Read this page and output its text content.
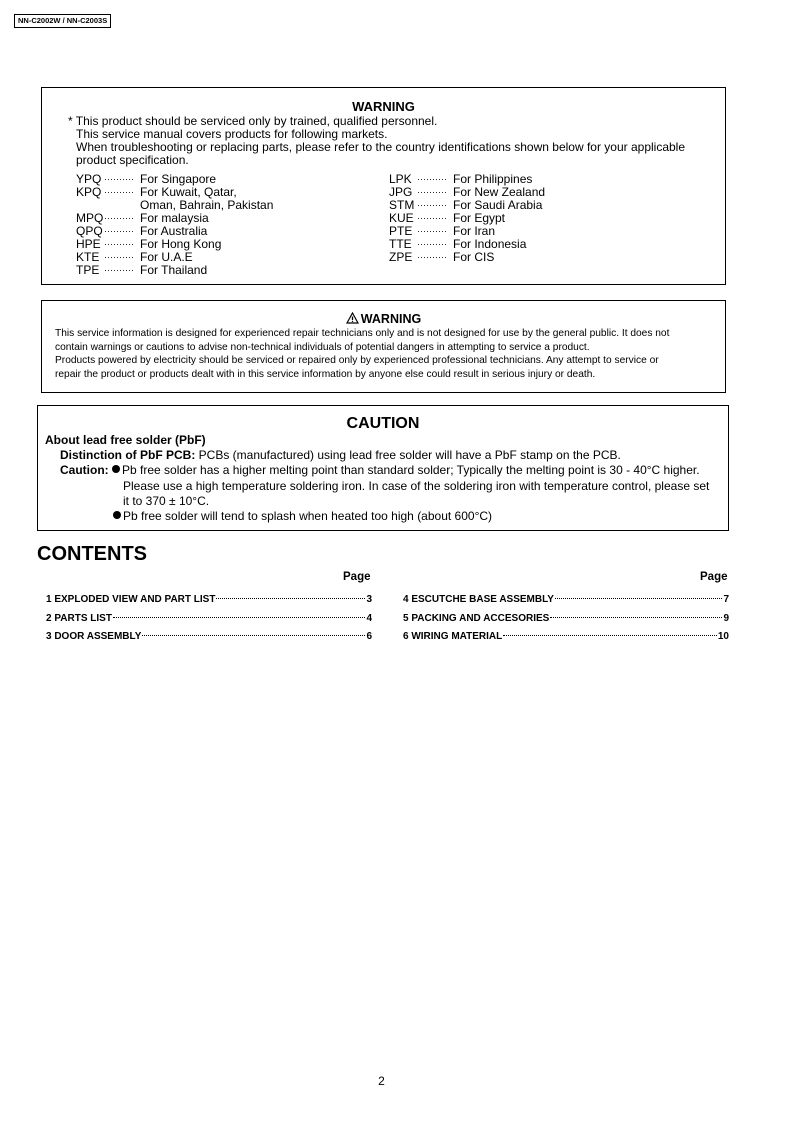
NN-C2002W / NN-C2003S
WARNING
* This product should be serviced only by trained, qualified personnel.
This service manual covers products for following markets.
When troubleshooting or replacing parts, please refer to the country identifications shown below for your applicable
product specification.
YPQ ·········· For Singapore
KPQ ·········· For Kuwait, Qatar,
Oman, Bahrain, Pakistan
MPQ·········· For malaysia
QPQ·········· For Australia
HPE ·········· For Hong Kong
KTE ·········· For U.A.E
TPE ·········· For Thailand
LPK ·········· For Philippines
JPG ·········· For New Zealand
STM ·········· For Saudi Arabia
KUE ·········· For Egypt
PTE ·········· For Iran
TTE ·········· For Indonesia
ZPE ·········· For CIS
WARNING
This service information is designed for experienced repair technicians only and is not designed for use by the general public. It does not
contain warnings or cautions to advise non-technical individuals of potential dangers in attempting to service a product.
Products powered by electricity should be serviced or repaired only by experienced professional technicians. Any attempt to service or
repair the product or products dealt with in this service information by anyone else could result in serious injury or death.
CAUTION
About lead free solder (PbF)
Distinction of PbF PCB: PCBs (manufactured) using lead free solder will have a PbF stamp on the PCB.
Caution: Pb free solder has a higher melting point than standard solder; Typically the melting point is 30 - 40°C higher.
Please use a high temperature soldering iron. In case of the soldering iron with temperature control, please set
it to 370 ± 10°C.
Pb free solder will tend to splash when heated too high (about 600°C)
CONTENTS
Page	Page
1 EXPLODED VIEW AND PART LIST	3
2 PARTS LIST	4
3 DOOR ASSEMBLY	6
4 ESCUTCHE BASE ASSEMBLY	7
5 PACKING AND ACCESORIES	9
6 WIRING MATERIAL	10
2
